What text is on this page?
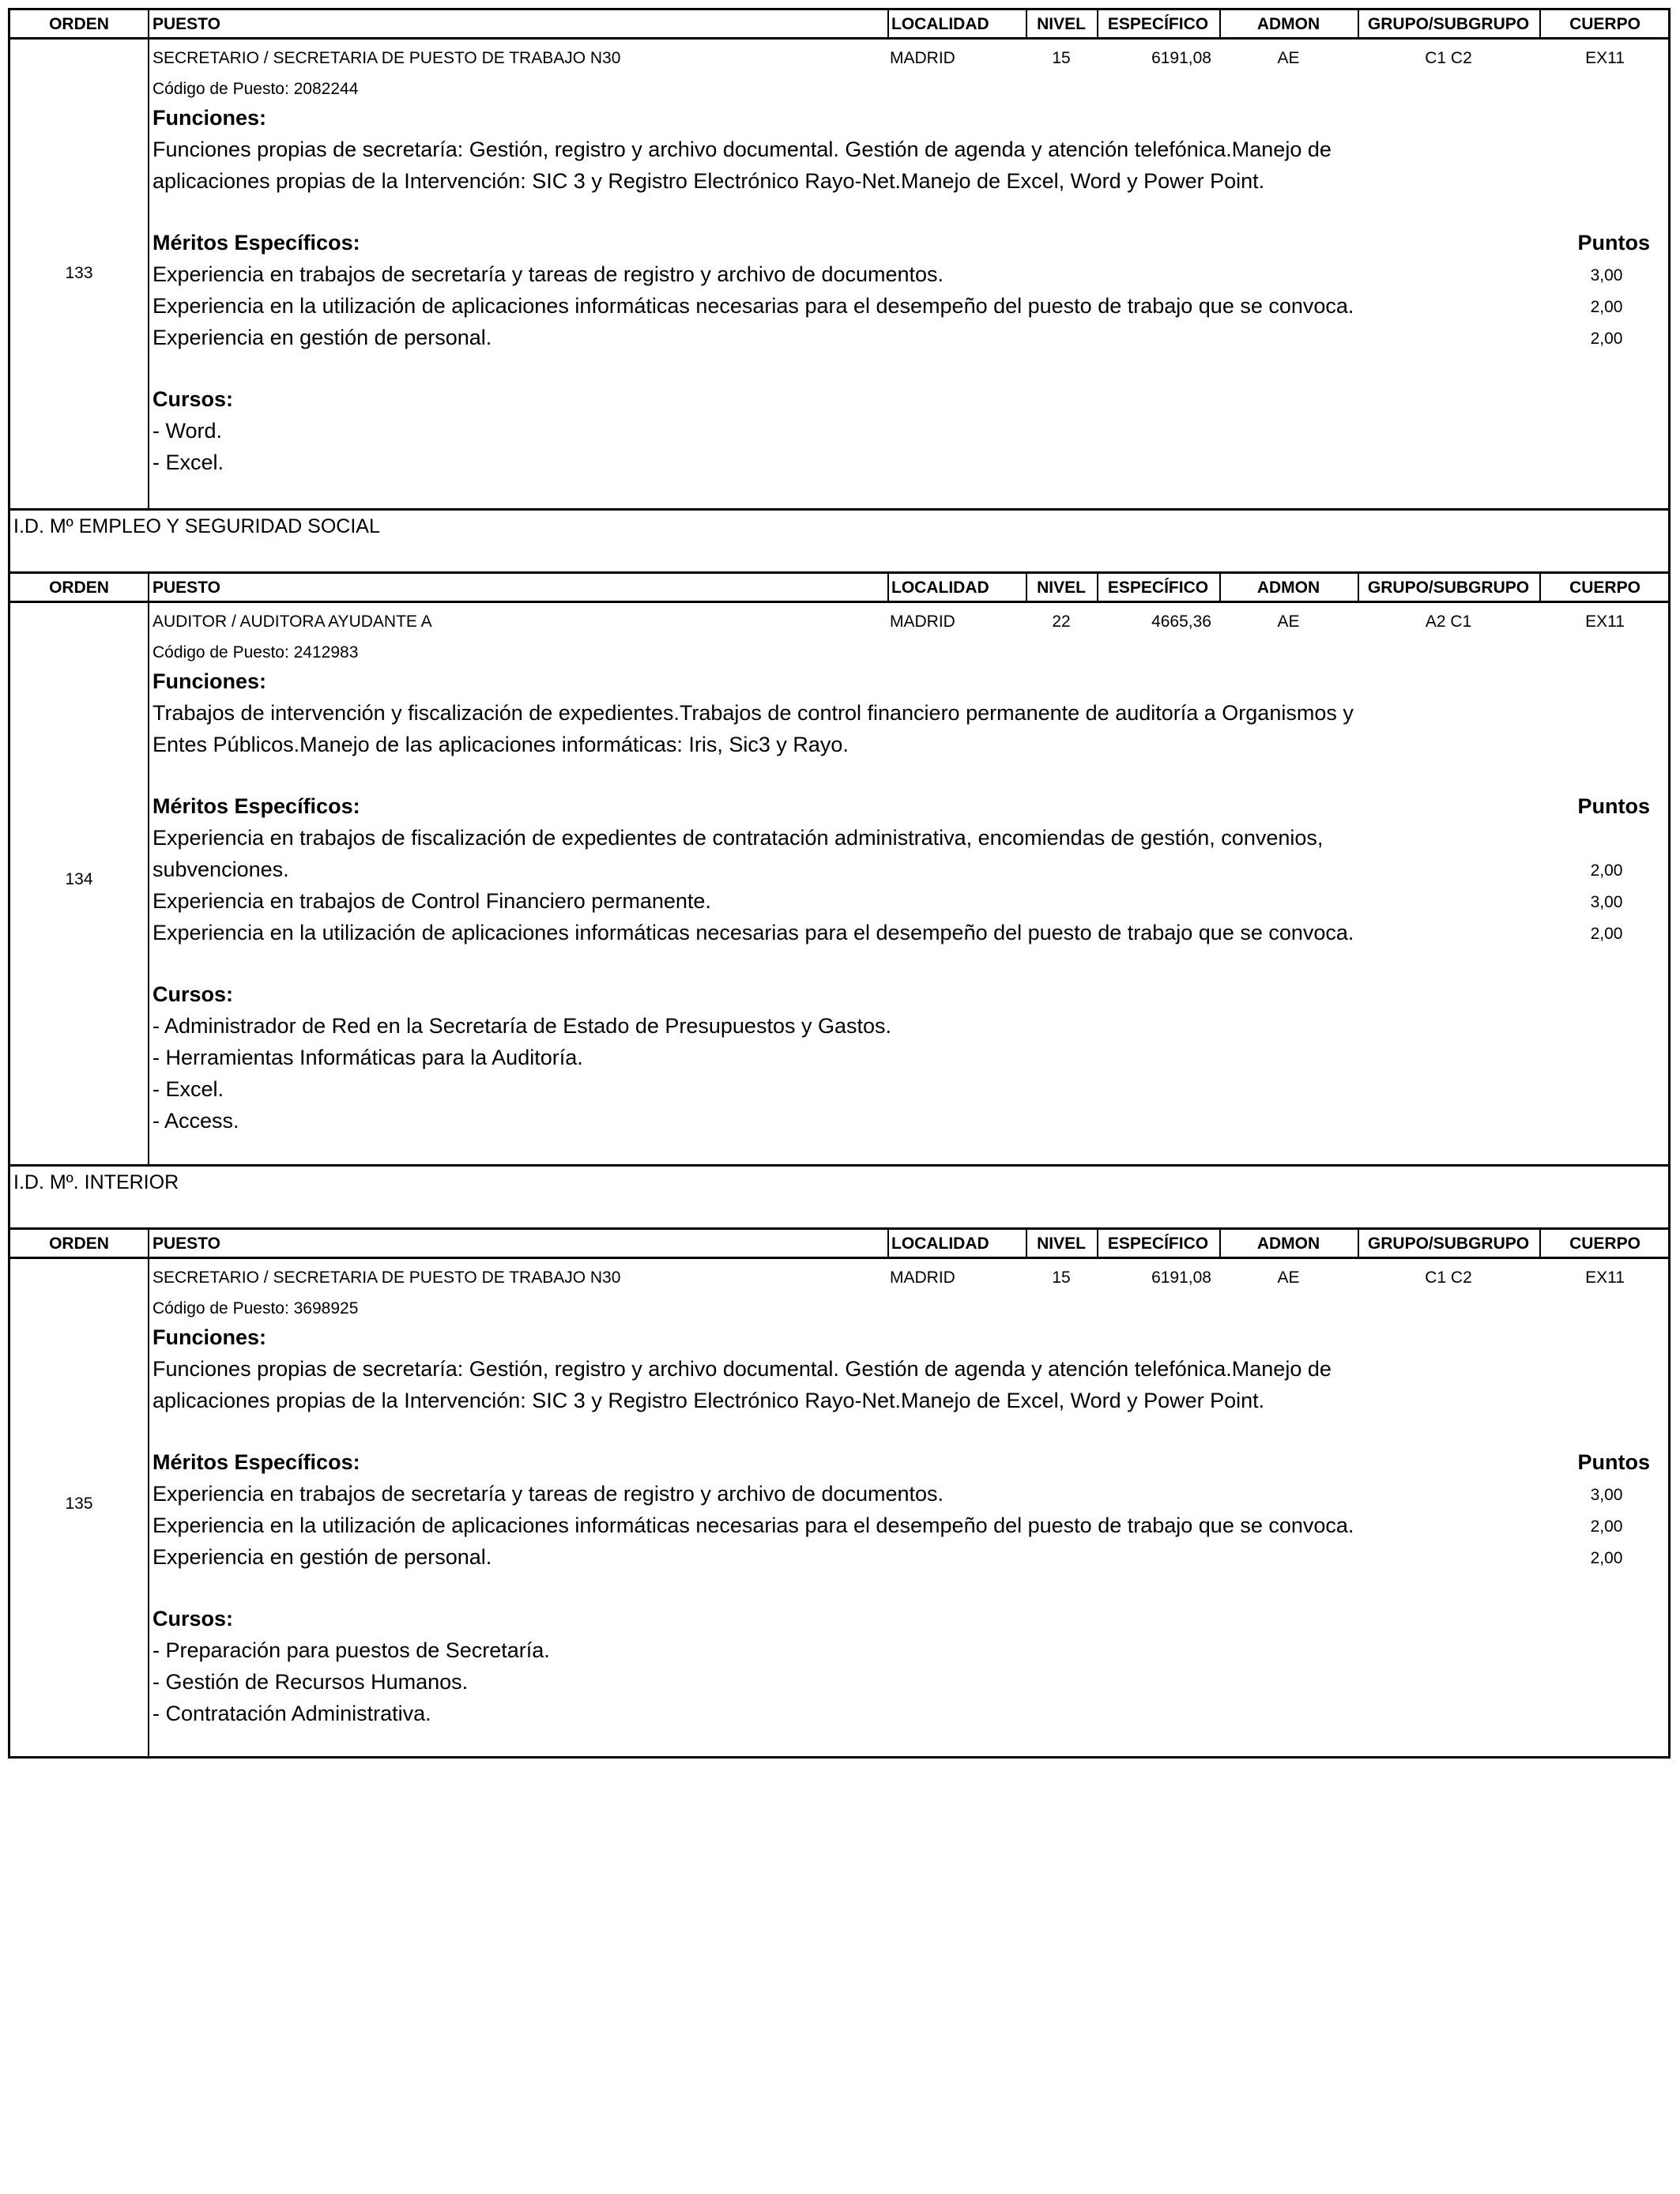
ORDEN	PUESTO	LOCALIDAD	NIVEL	ESPECÍFICO	ADMON	GRUPO/SUBGRUPO	CUERPO
133
SECRETARIO / SECRETARIA DE PUESTO DE TRABAJO N30	MADRID	15	6191,08	AE	C1 C2	EX11
Código de Puesto: 2082244
Funciones:
Funciones propias de secretaría: Gestión, registro y archivo documental. Gestión de agenda y atención telefónica.Manejo de
aplicaciones propias de la Intervención: SIC 3 y Registro Electrónico Rayo-Net.Manejo de Excel, Word y Power Point.
Méritos Específicos:	Puntos
Experiencia en trabajos de secretaría y tareas de registro y archivo de documentos.	3,00
Experiencia en la utilización de aplicaciones informáticas necesarias para el desempeño del puesto de trabajo que se convoca.	2,00
Experiencia en gestión de personal.	2,00
Cursos:
- Word.
- Excel.
I.D. Mº EMPLEO Y SEGURIDAD SOCIAL
ORDEN	PUESTO	LOCALIDAD	NIVEL	ESPECÍFICO	ADMON	GRUPO/SUBGRUPO	CUERPO
134
AUDITOR / AUDITORA AYUDANTE A	MADRID	22	4665,36	AE	A2 C1	EX11
Código de Puesto: 2412983
Funciones:
Trabajos de intervención y fiscalización de expedientes.Trabajos de control financiero permanente de auditoría a Organismos y
Entes Públicos.Manejo de las aplicaciones informáticas: Iris, Sic3 y Rayo.
Méritos Específicos:	Puntos
Experiencia en trabajos de fiscalización de expedientes de contratación administrativa, encomiendas de gestión, convenios,
subvenciones.	2,00
Experiencia en trabajos de Control Financiero permanente.	3,00
Experiencia en la utilización de aplicaciones informáticas necesarias para el desempeño del puesto de trabajo que se convoca.	2,00
Cursos:
- Administrador de Red en la Secretaría de Estado de Presupuestos y Gastos.
- Herramientas Informáticas para la Auditoría.
- Excel.
- Access.
I.D. Mº. INTERIOR
ORDEN	PUESTO	LOCALIDAD	NIVEL	ESPECÍFICO	ADMON	GRUPO/SUBGRUPO	CUERPO
135
SECRETARIO / SECRETARIA DE PUESTO DE TRABAJO N30	MADRID	15	6191,08	AE	C1 C2	EX11
Código de Puesto: 3698925
Funciones:
Funciones propias de secretaría: Gestión, registro y archivo documental. Gestión de agenda y atención telefónica.Manejo de
aplicaciones propias de la Intervención: SIC 3 y Registro Electrónico Rayo-Net.Manejo de Excel, Word y Power Point.
Méritos Específicos:	Puntos
Experiencia en trabajos de secretaría y tareas de registro y archivo de documentos.	3,00
Experiencia en la utilización de aplicaciones informáticas necesarias para el desempeño del puesto de trabajo que se convoca.	2,00
Experiencia en gestión de personal.	2,00
Cursos:
- Preparación para puestos de Secretaría.
- Gestión de Recursos Humanos.
- Contratación Administrativa.
